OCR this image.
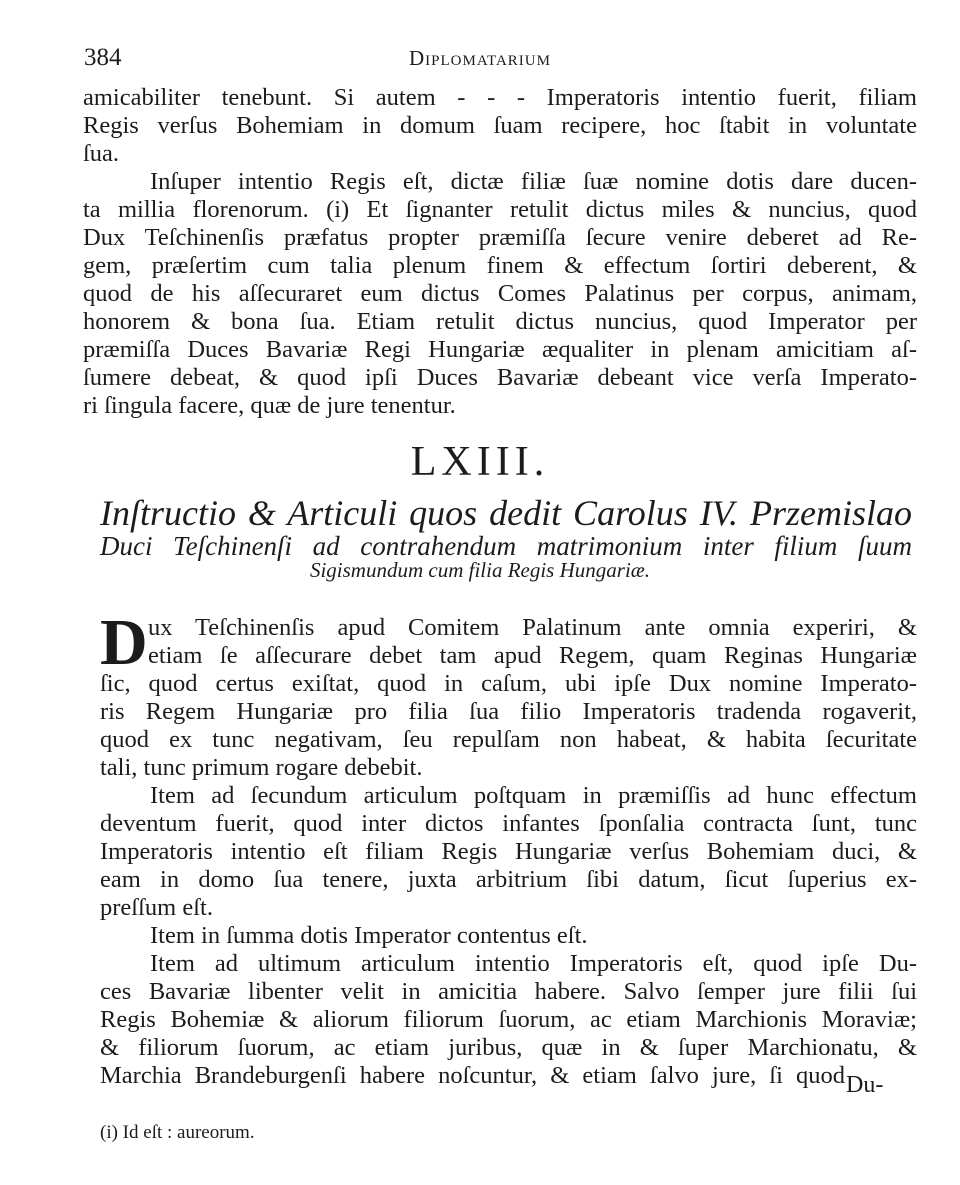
384	Diplomatarium
amicabiliter tenebunt. Si autem - - - Imperatoris intentio fuerit, filiam
Regis verſus Bohemiam in domum ſuam recipere, hoc ſtabit in voluntate
ſua.
Inſuper intentio Regis eſt, dictæ filiæ ſuæ nomine dotis dare ducen-
ta millia florenorum. (i) Et ſignanter retulit dictus miles & nuncius, quod
Dux Teſchinenſis præfatus propter præmiſſa ſecure venire deberet ad Re-
gem, præſertim cum talia plenum finem & effectum ſortiri deberent, &
quod de his aſſecuraret eum dictus Comes Palatinus per corpus, animam,
honorem & bona ſua. Etiam retulit dictus nuncius, quod Imperator per
præmiſſa Duces Bavariæ Regi Hungariæ æqualiter in plenam amicitiam aſ-
ſumere debeat, & quod ipſi Duces Bavariæ debeant vice verſa Imperato-
ri ſingula facere, quæ de jure tenentur.
LXIII.
Inſtructio & Articuli quos dedit Carolus IV. Przemislao
Duci Teſchinenſi ad contrahendum matrimonium inter filium ſuum
Sigismundum cum filia Regis Hungariæ.
D ux Teſchinenſis apud Comitem Palatinum ante omnia experiri, &
etiam ſe aſſecurare debet tam apud Regem, quam Reginas Hungariæ
ſic, quod certus exiſtat, quod in caſum, ubi ipſe Dux nomine Imperato-
ris Regem Hungariæ pro filia ſua filio Imperatoris tradenda rogaverit,
quod ex tunc negativam, ſeu repulſam non habeat, & habita ſecuritate
tali, tunc primum rogare debebit.
Item ad ſecundum articulum poſtquam in præmiſſis ad hunc effectum
deventum fuerit, quod inter dictos infantes ſponſalia contracta ſunt, tunc
Imperatoris intentio eſt filiam Regis Hungariæ verſus Bohemiam duci, &
eam in domo ſua tenere, juxta arbitrium ſibi datum, ſicut ſuperius ex-
preſſum eſt.
Item in ſumma dotis Imperator contentus eſt.
Item ad ultimum articulum intentio Imperatoris eſt, quod ipſe Du-
ces Bavariæ libenter velit in amicitia habere. Salvo ſemper jure filii ſui
Regis Bohemiæ & aliorum filiorum ſuorum, ac etiam Marchionis Moraviæ;
& filiorum ſuorum, ac etiam juribus, quæ in & ſuper Marchionatu, &
Marchia Brandeburgenſi habere noſcuntur, & etiam ſalvo jure, ſi quod Du-
(i) Id eſt : aureorum.
